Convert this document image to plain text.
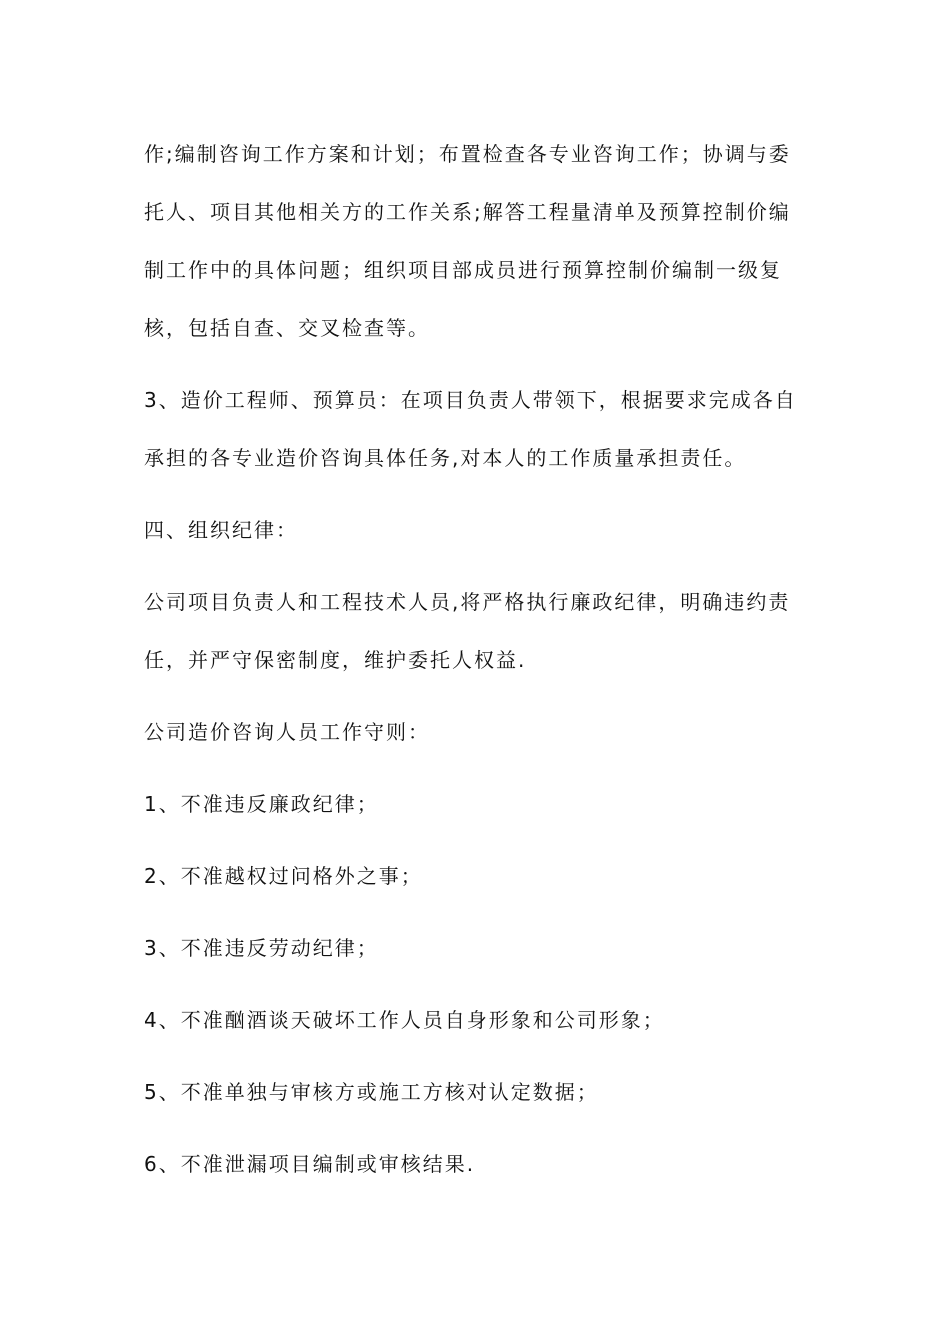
作;编制咨询工作方案和计划；布置检查各专业咨询工作；协调与委
托人、项目其他相关方的工作关系;解答工程量清单及预算控制价编
制工作中的具体问题；组织项目部成员进行预算控制价编制一级复
核，包括自查、交叉检查等。
3、造价工程师、预算员：在项目负责人带领下，根据要求完成各自
承担的各专业造价咨询具体任务,对本人的工作质量承担责任。

四、组织纪律：

公司项目负责人和工程技术人员,将严格执行廉政纪律，明确违约责
任，并严守保密制度，维护委托人权益.

公司造价咨询人员工作守则：

1、不准违反廉政纪律；

2、不准越权过问格外之事；

3、不准违反劳动纪律；

4、不准酗酒谈天破坏工作人员自身形象和公司形象；

5、不准单独与审核方或施工方核对认定数据；

6、不准泄漏项目编制或审核结果.
